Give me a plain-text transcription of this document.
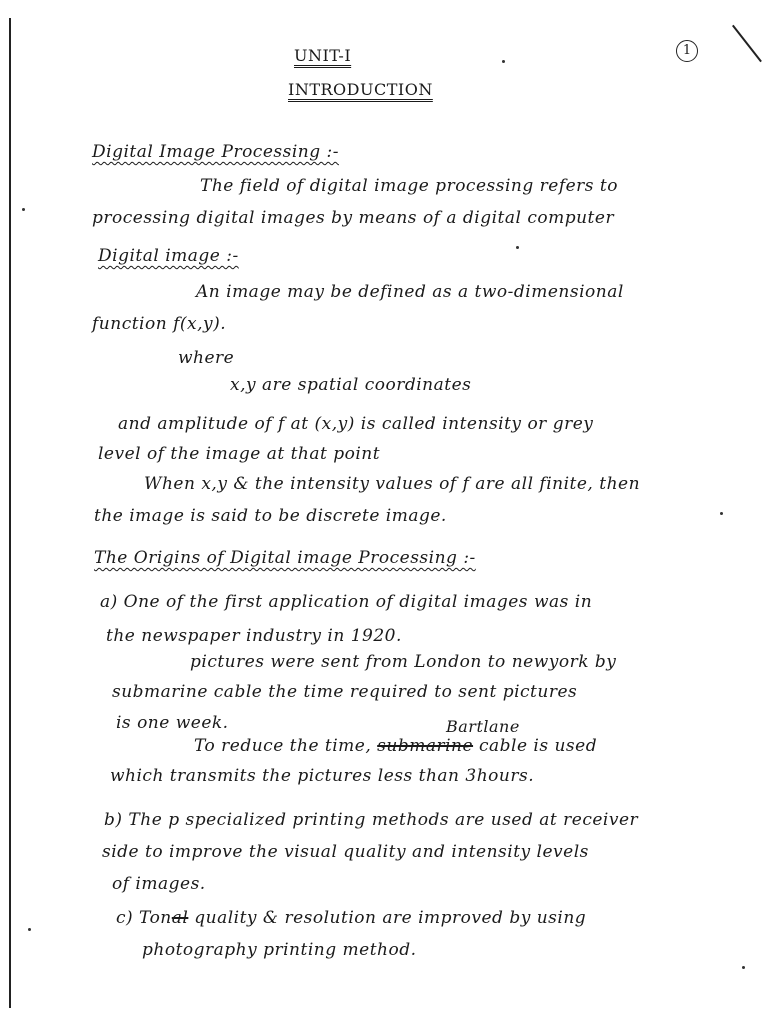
UNIT-I
INTRODUCTION
1
Digital Image Processing :-
The field of digital image processing refers to
processing digital images by means of a digital computer
Digital image :-
An image may be defined as a two-dimensional
function f(x,y).
where
x,y are spatial coordinates
and amplitude of f at (x,y) is called intensity or grey
level of the image at that point
When x,y & the intensity values of f are all finite, then
the image is said to be discrete image.
The Origins of Digital image Processing :-
a) One of the first application of digital images was in
the newspaper industry in 1920.
pictures were sent from London to newyork by
submarine cable the time required to sent pictures
is one week.	Bartlane
To reduce the time, submarine cable is used
which transmits the pictures less than 3hours.
b) The p specialized printing methods are used at receiver
side to improve the visual quality and intensity levels
of images.
c) Tonal quality & resolution are improved by using
photography printing method.
